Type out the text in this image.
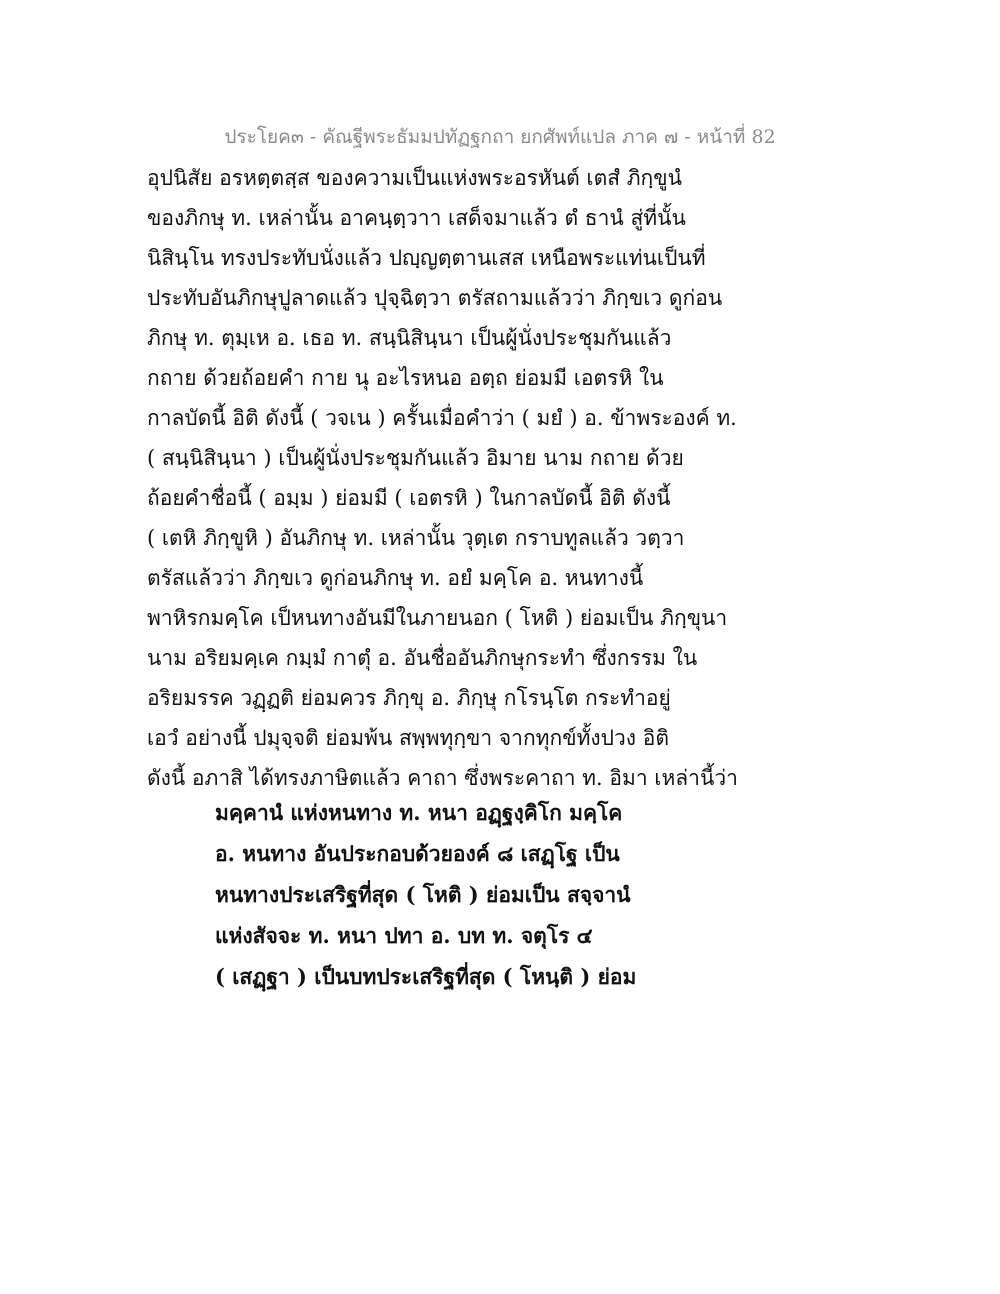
ประโยค๓ - คัณฐีพระธัมมปทัฏฐกถา ยกศัพท์แปล ภาค ๗ - หน้าที่ 82
อุปนิสัย อรหตฺตสฺส ของความเป็นแห่งพระอรหันต์ เตสํ ภิกฺขูนํ
ของภิกษุ ท. เหล่านั้น อาคนฺตฺวาา เสด็จมาแล้ว ตํ ธานํ สู่ที่นั้น
นิสินฺโน ทรงประทับนั่งแล้ว ปญฺญตฺตานเสส เหนือพระแท่นเป็นที่
ประทับอันภิกษุปูลาดแล้ว ปุจฺฉิตฺวา ตรัสถามแล้วว่า ภิกฺขเว ดูก่อน
ภิกษุ ท. ตุมฺเห อ. เธอ ท. สนฺนิสินฺนา เป็นผู้นั่งประชุมกันแล้ว
กถาย ด้วยถ้อยคำ กาย นุ อะไรหนอ อตฺถ ย่อมมี เอตรหิ ใน
กาลบัดนี้ อิติ ดังนี้ ( วจเน ) ครั้นเมื่อคำว่า ( มยํ ) อ. ข้าพระองค์ ท.
( สนฺนิสินฺนา ) เป็นผู้นั่งประชุมกันแล้ว อิมาย นาม กถาย ด้วย
ถ้อยคำชื่อนี้ ( อมฺม ) ย่อมมี ( เอตรหิ ) ในกาลบัดนี้ อิติ ดังนี้
( เตหิ ภิกฺขูหิ ) อันภิกษุ ท. เหล่านั้น วุตฺเต กราบทูลแล้ว วตฺวา
ตรัสแล้วว่า ภิกฺขเว ดูก่อนภิกษุ ท. อยํ มคฺโค อ. หนทางนี้
พาหิรกมคฺโค เป็หนทางอันมีในภายนอก ( โหติ ) ย่อมเป็น ภิกฺขุนา
นาม อริยมคฺเค กมฺมํ กาตุํ อ. อันชื่ออันภิกษุกระทำ ซึ่งกรรม ใน
อริยมรรค วฏฺฏติ ย่อมควร ภิกฺขุ อ. ภิกฺษุ กโรนฺโต กระทำอยู่
เอวํ อย่างนี้ ปมุจฺจติ ย่อมพ้น สพฺพทุกฺขา จากทุกข์ทั้งปวง อิติ
ดังนี้ อภาสิ ได้ทรงภาษิตแล้ว คาถา ซึ่งพระคาถา ท. อิมา เหล่านี้ว่า
มคฺคานํ แห่งหนทาง ท. หนา อฏฺฐงฺคิโก มคฺโค
อ. หนทาง อันประกอบด้วยองค์ ๘ เสฏฺโฐ เป็น
หนทางประเสริฐที่สุด ( โหติ ) ย่อมเป็น สจฺจานํ
แห่งสัจจะ ท. หนา ปทา อ. บท ท. จตุโร ๔
( เสฏฺฐา ) เป็นบทประเสริฐที่สุด ( โหนฺติ ) ย่อม
